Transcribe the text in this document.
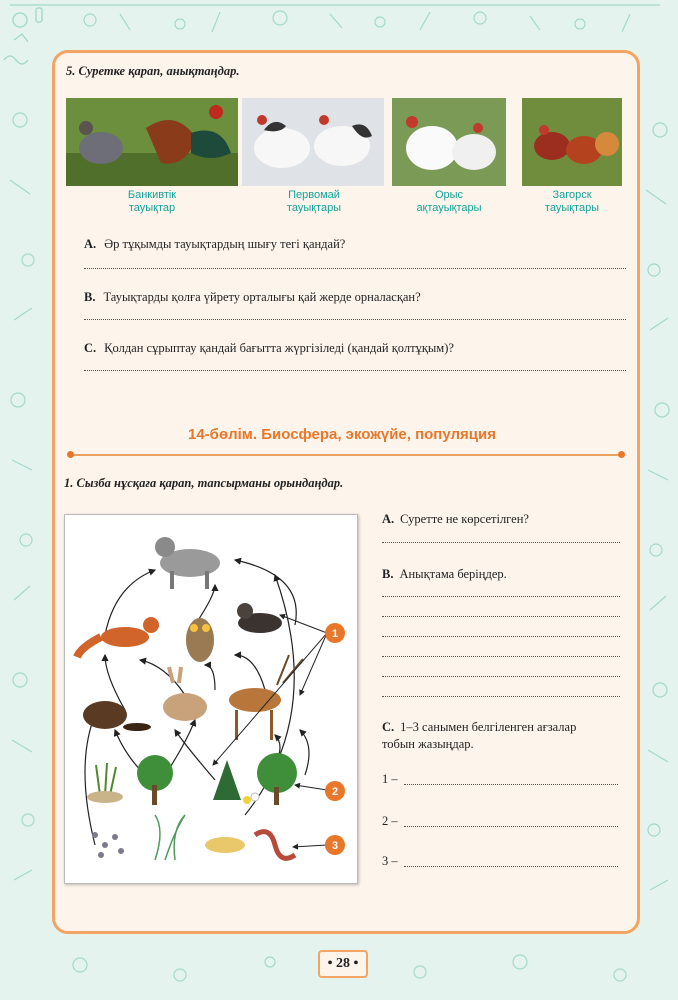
5. Суретке қарап, анықтаңдар.
Банкивтік
тауықтар
Первомай
тауықтары
Орыс
ақтауықтары
Загорск
тауықтары
A. Әр тұқымды тауықтардың шығу тегі қандай?
B. Тауықтарды қолға үйрету орталығы қай жерде орналасқан?
C. Қолдан сұрыптау қандай бағытта жүргізіледі (қандай қолтұқым)?
14-бөлім. Биосфера, экожүйе, популяция
1. Сызба нұсқаға қарап, тапсырманы орындаңдар.
1
2
3
A. Суретте не көрсетілген?
B. Анықтама беріңдер.
C. 1–3 санымен белгіленген ағзалар
тобын жазыңдар.
1 –
2 –
3 –
• 28 •
